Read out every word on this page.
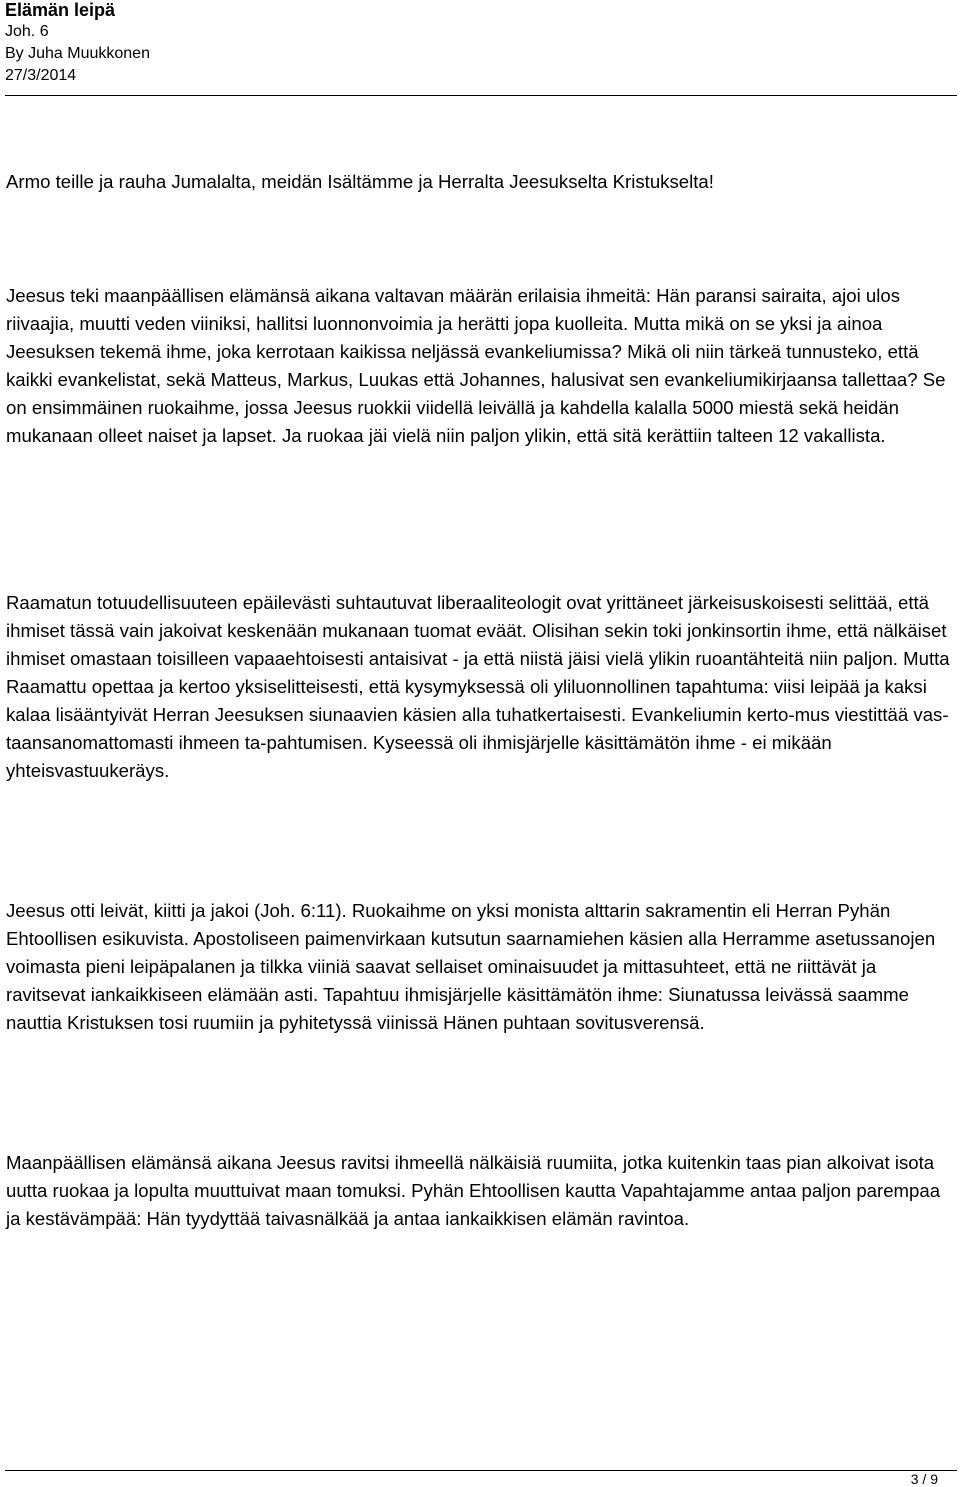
Elämän leipä

Joh. 6

By Juha Muukkonen

27/3/2014

Armo teille ja rauha Jumalalta, meidän Isältämme ja Herralta Jeesukselta Kristukselta!

Jeesus teki maanpäällisen elämänsä aikana valtavan määrän erilaisia ihmeitä: Hän paransi sairaita, ajoi ulos riivaajia, muutti veden viiniksi, hallitsi luonnonvoimia ja herätti jopa kuolleita. Mutta mikä on se yksi ja ainoa Jeesuksen tekemä ihme, joka kerrotaan kaikissa neljässä evankeliumissa? Mikä oli niin tärkeä tunnusteko, että kaikki evankelistat, sekä Matteus, Markus, Luukas että Johannes, halusivat sen evankeliumikirjaansa tallettaa? Se on ensimmäinen ruokaihme, jossa Jeesus ruokkii viidellä leivällä ja kahdella kalalla 5000 miestä sekä heidän mukanaan olleet naiset ja lapset. Ja ruokaa jäi vielä niin paljon ylikin, että sitä kerättiin talteen 12 vakallista.

Raamatun totuudellisuuteen epäilevästi suhtautuvat liberaaliteologit ovat yrittäneet järkeisuskoisesti selittää, että ihmiset tässä vain jakoivat keskenään mukanaan tuomat eväät. Olisihan sekin toki jonkinsortin ihme, että nälkäiset ihmiset omastaan toisilleen vapaaehtoisesti antaisivat - ja että niistä jäisi vielä ylikin ruoantähteitä niin paljon. Mutta Raamattu opettaa ja kertoo yksiselitteisesti, että kysymyksessä oli yliluonnollinen tapahtuma: viisi leipää ja kaksi kalaa lisääntyivät Herran Jeesuksen siunaavien käsien alla tuhatkertaisesti. Evankeliumin kerto-mus viestittää vas-taansanomattomasti ihmeen ta-pahtumisen. Kyseessä oli ihmisjärjelle käsittämätön ihme - ei mikään yhteisvastuukeräys.

Jeesus otti leivät, kiitti ja jakoi (Joh. 6:11). Ruokaihme on yksi monista alttarin sakramentin eli Herran Pyhän Ehtoollisen esikuvista. Apostoliseen paimenvirkaan kutsutun saarnamiehen käsien alla Herramme asetussanojen voimasta pieni leipäpalanen ja tilkka viiniä saavat sellaiset ominaisuudet ja mittasuhteet, että ne riittävät ja ravitsevat iankaikkiseen elämään asti. Tapahtuu ihmisjärjelle käsittämätön ihme: Siunatussa leivässä saamme nauttia Kristuksen tosi ruumiin ja pyhitetyssä viinissä Hänen puhtaan sovitusverensä.

Maanpäällisen elämänsä aikana Jeesus ravitsi ihmeellä nälkäisiä ruumiita, jotka kuitenkin taas pian alkoivat isota uutta ruokaa ja lopulta muuttuivat maan tomuksi. Pyhän Ehtoollisen kautta Vapahtajamme antaa paljon parempaa ja kestävämpää: Hän tyydyttää taivasnälkää ja antaa iankaikkisen elämän ravintoa.

3 / 9
